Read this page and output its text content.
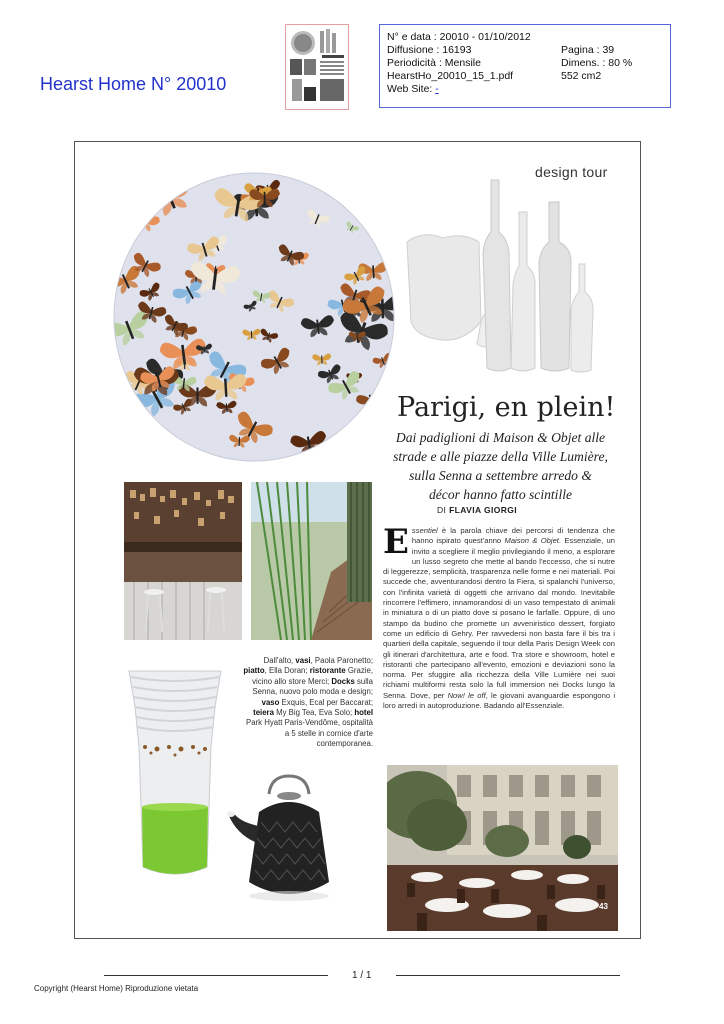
Hearst Home N° 20010
N° e data : 20010 - 01/10/2012
Diffusione : 16193	Pagina : 39
Periodicità : Mensile	Dimens. : 80 %
HearstHo_20010_15_1.pdf	552 cm2
Web Site: -
design tour
Parigi, en plein!
Dai padiglioni di Maison & Objet alle strade e alle piazze della Ville Lumière, sulla Senna a settembre arredo & décor hanno fatto scintille
DI FLAVIA GIORGI
Essentiel è la parola chiave dei percorsi di tendenza che hanno ispirato quest'anno Maison & Objet. Essenziale, un invito a scegliere il meglio privilegiando il meno, a esplorare un lusso segreto che mette al bando l'eccesso, che si nutre di leggerezze, semplicità, trasparenza nelle forme e nei materiali. Poi succede che, avventurandosi dentro la Fiera, si spalanchi l'universo, con l'infinita varietà di oggetti che arrivano dal mondo. Inevitabile rincorrere l'effimero, innamorandosi di un vaso tempestato di animali in miniatura o di un piatto dove si posano le farfalle. Oppure, di uno stampo da budino che promette un avveniristico dessert, forgiato come un edificio di Gehry. Per ravvedersi non basta fare il bis tra i quartieri della capitale, seguendo il tour della Paris Design Week con gli itinerari d'architettura, arte e food. Tra store e showroom, hotel e ristoranti che partecipano all'evento, emozioni e deviazioni sono la norma. Per sfuggire alla ricchezza della Ville Lumière nei suoi richiami multiformi resta solo la full immersion nei Docks lungo la Senna. Dove, per Now! le off, le giovani avanguardie espongono i loro arredi in autoproduzione. Badando all'Essenziale.
Dall'alto, vasi, Paola Paronetto; piatto, Ella Doran; ristorante Grazie, vicino allo store Merci; Docks sulla Senna, nuovo polo moda e design; vaso Exquis, Ecal per Baccarat; teiera My Big Tea, Eva Solo; hotel Park Hyatt Paris-Vendôme, ospitalità a 5 stelle in cornice d'arte contemporanea.
43
1 / 1
Copyright (Hearst Home) Riproduzione vietata
